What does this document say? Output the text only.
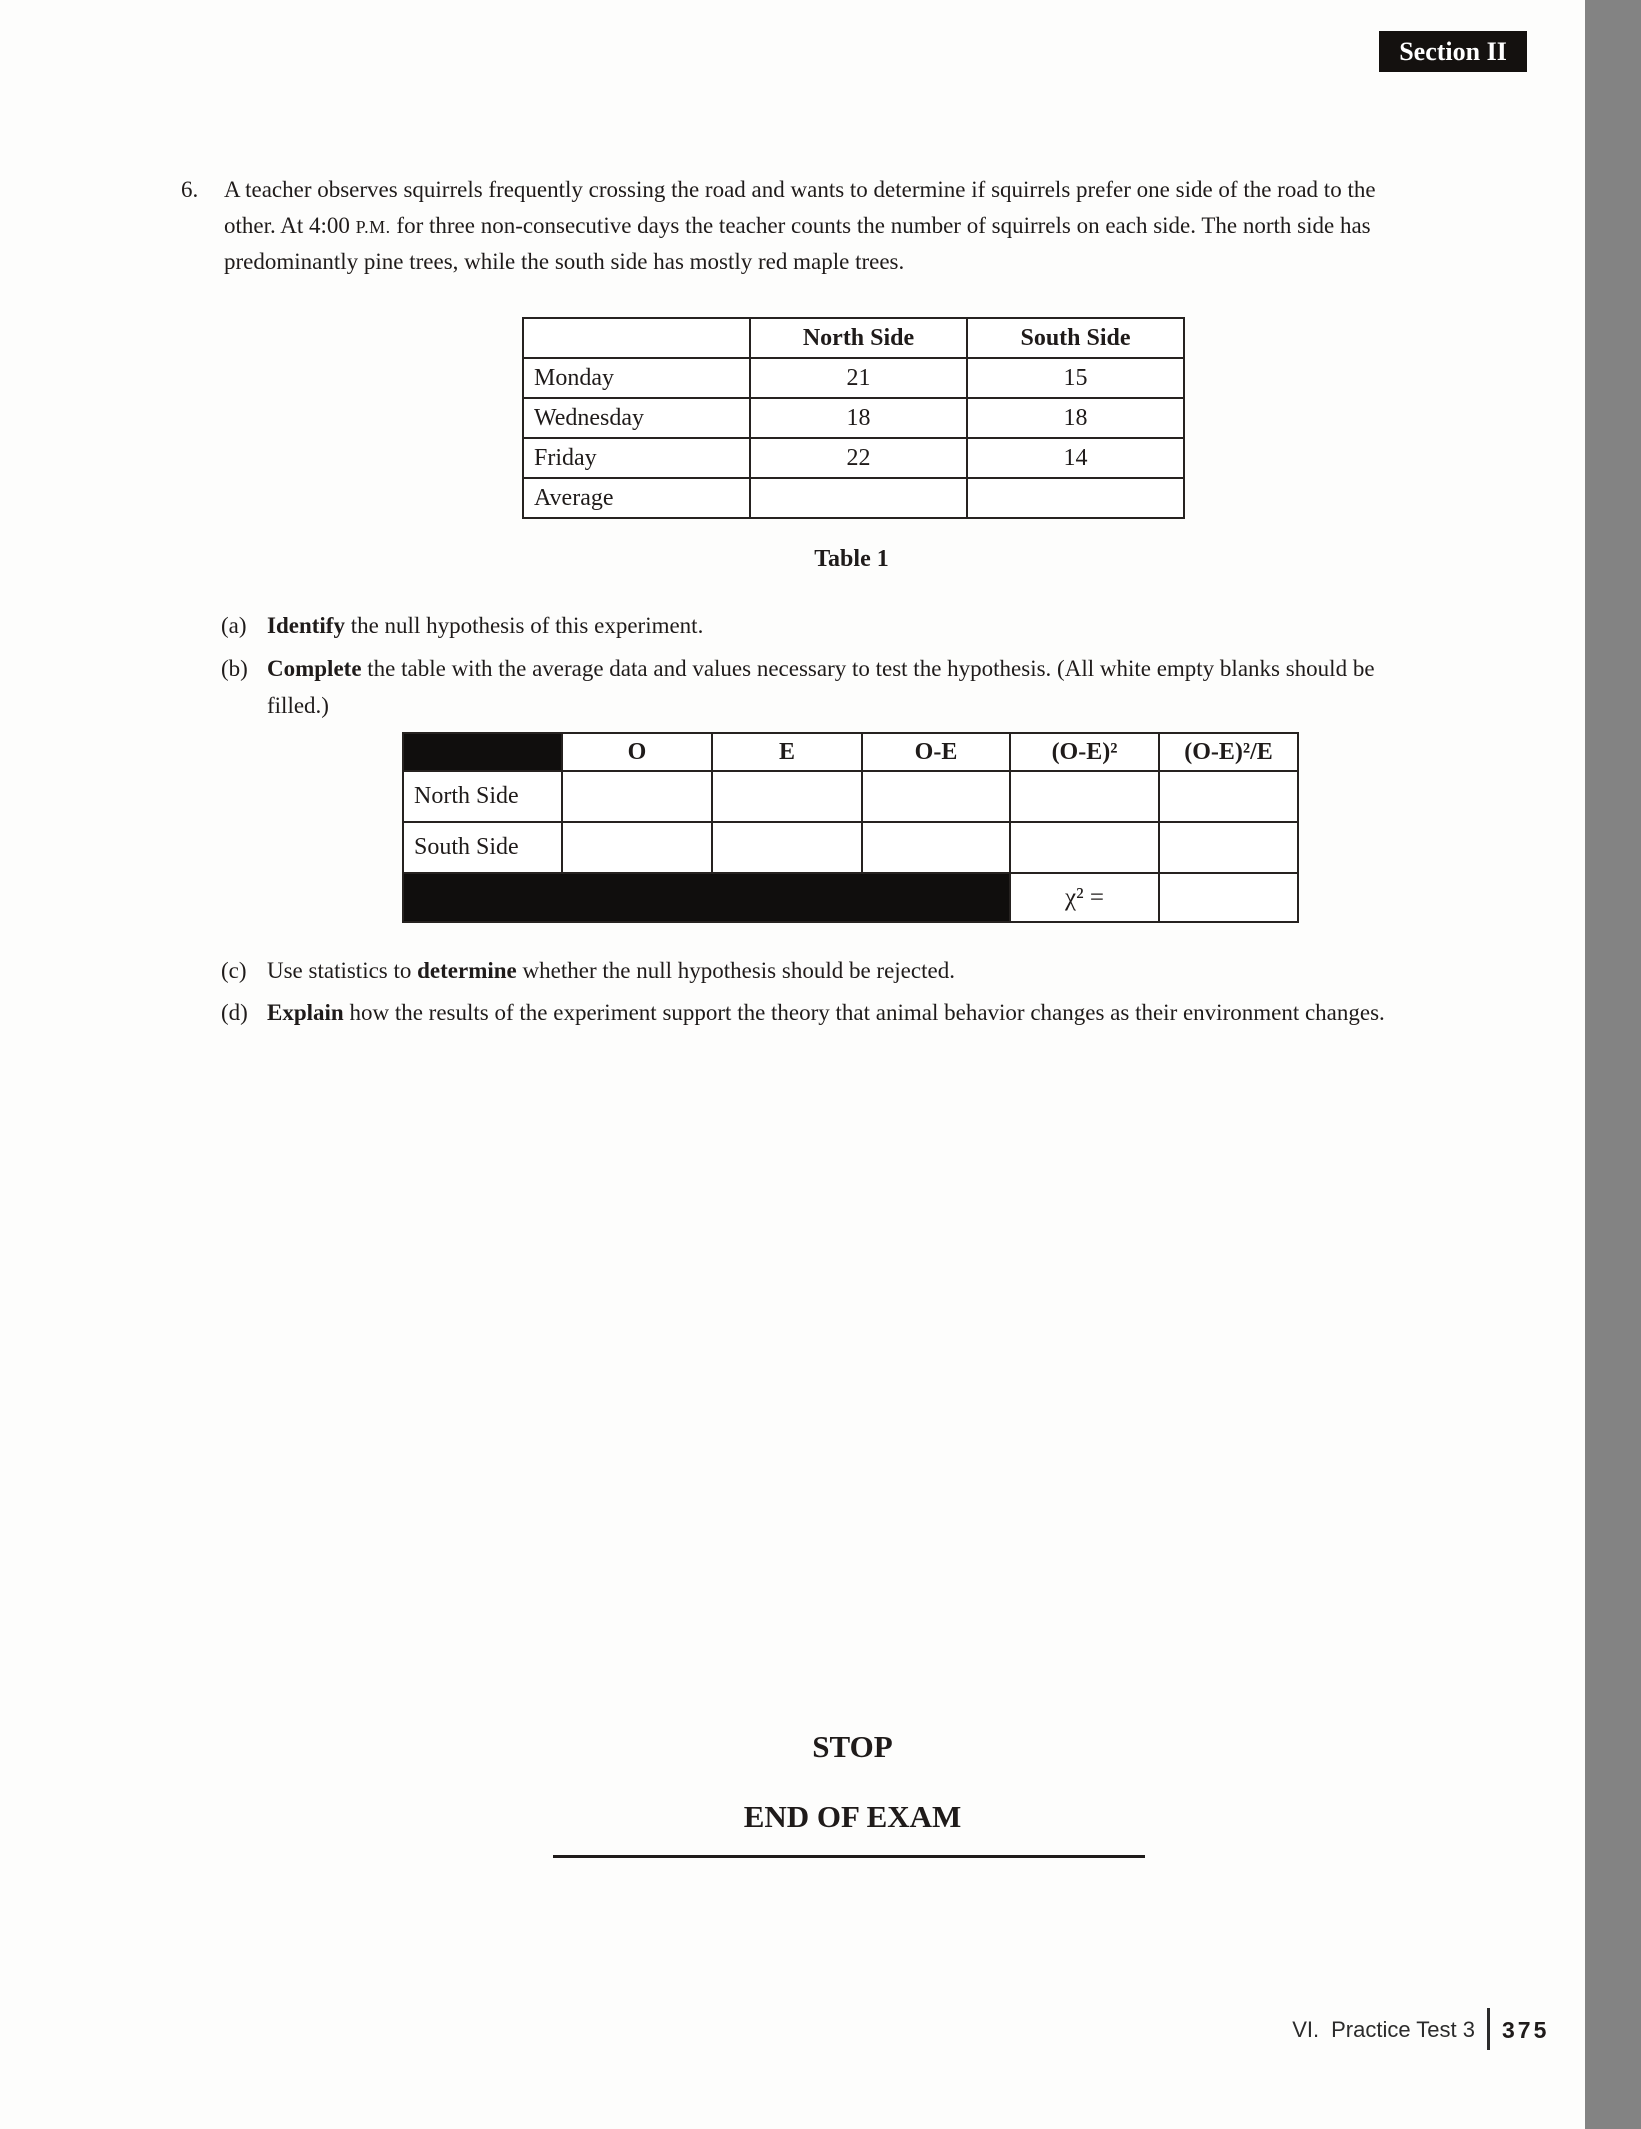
Section II
6. A teacher observes squirrels frequently crossing the road and wants to determine if squirrels prefer one side of the road to the
other. At 4:00 P.M. for three non-consecutive days the teacher counts the number of squirrels on each side. The north side has
predominantly pine trees, while the south side has mostly red maple trees.
	North Side	South Side
Monday	21	15
Wednesday	18	18
Friday	22	14
Average		
Table 1
(a) Identify the null hypothesis of this experiment.
(b) Complete the table with the average data and values necessary to test the hypothesis. (All white empty blanks should be
filled.)
	O	E	O-E	(O-E)²	(O-E)²/E
North Side					
South Side					
				χ² =	
(c) Use statistics to determine whether the null hypothesis should be rejected.
(d) Explain how the results of the experiment support the theory that animal behavior changes as their environment changes.
STOP
END OF EXAM
VI. Practice Test 3 375
